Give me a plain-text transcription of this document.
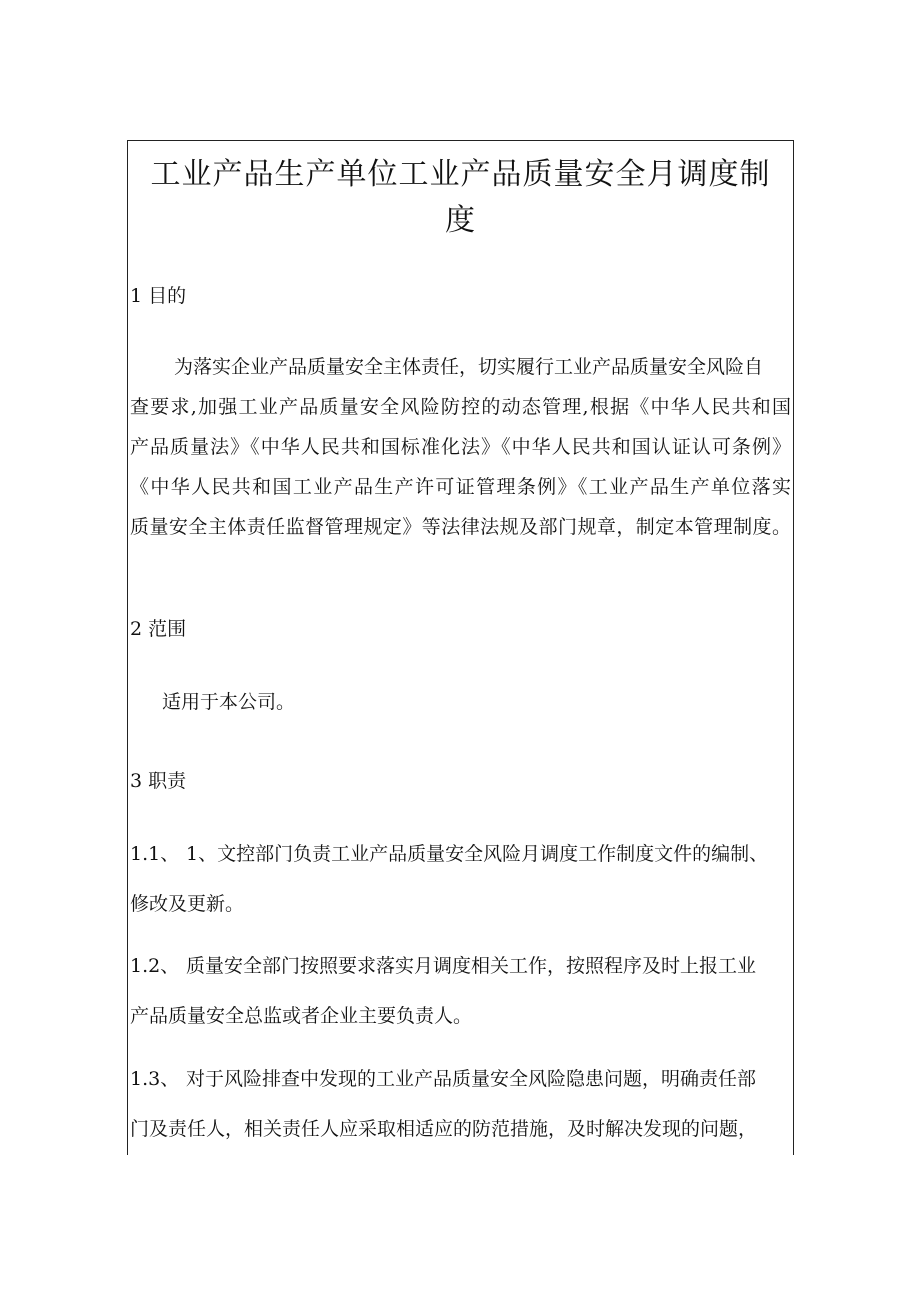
工业产品生产单位工业产品质量安全月调度制
度
1 目的

为落实企业产品质量安全主体责任，切实履行工业产品质量安全风险自

查要求,加强工业产品质量安全风险防控的动态管理,根据《中华人民共和国

产品质量法》《中华人民共和国标准化法》《中华人民共和国认证认可条例》

《中华人民共和国工业产品生产许可证管理条例》《工业产品生产单位落实

质量安全主体责任监督管理规定》等法律法规及部门规章，制定本管理制度。

2 范围

适用于本公司。

3 职责
1.1、 1、文控部门负责工业产品质量安全风险月调度工作制度文件的编制、

修改及更新。

1.2、 质量安全部门按照要求落实月调度相关工作，按照程序及时上报工业

产品质量安全总监或者企业主要负责人。

1.3、 对于风险排查中发现的工业产品质量安全风险隐患问题，明确责任部

门及责任人，相关责任人应采取相适应的防范措施，及时解决发现的问题，
